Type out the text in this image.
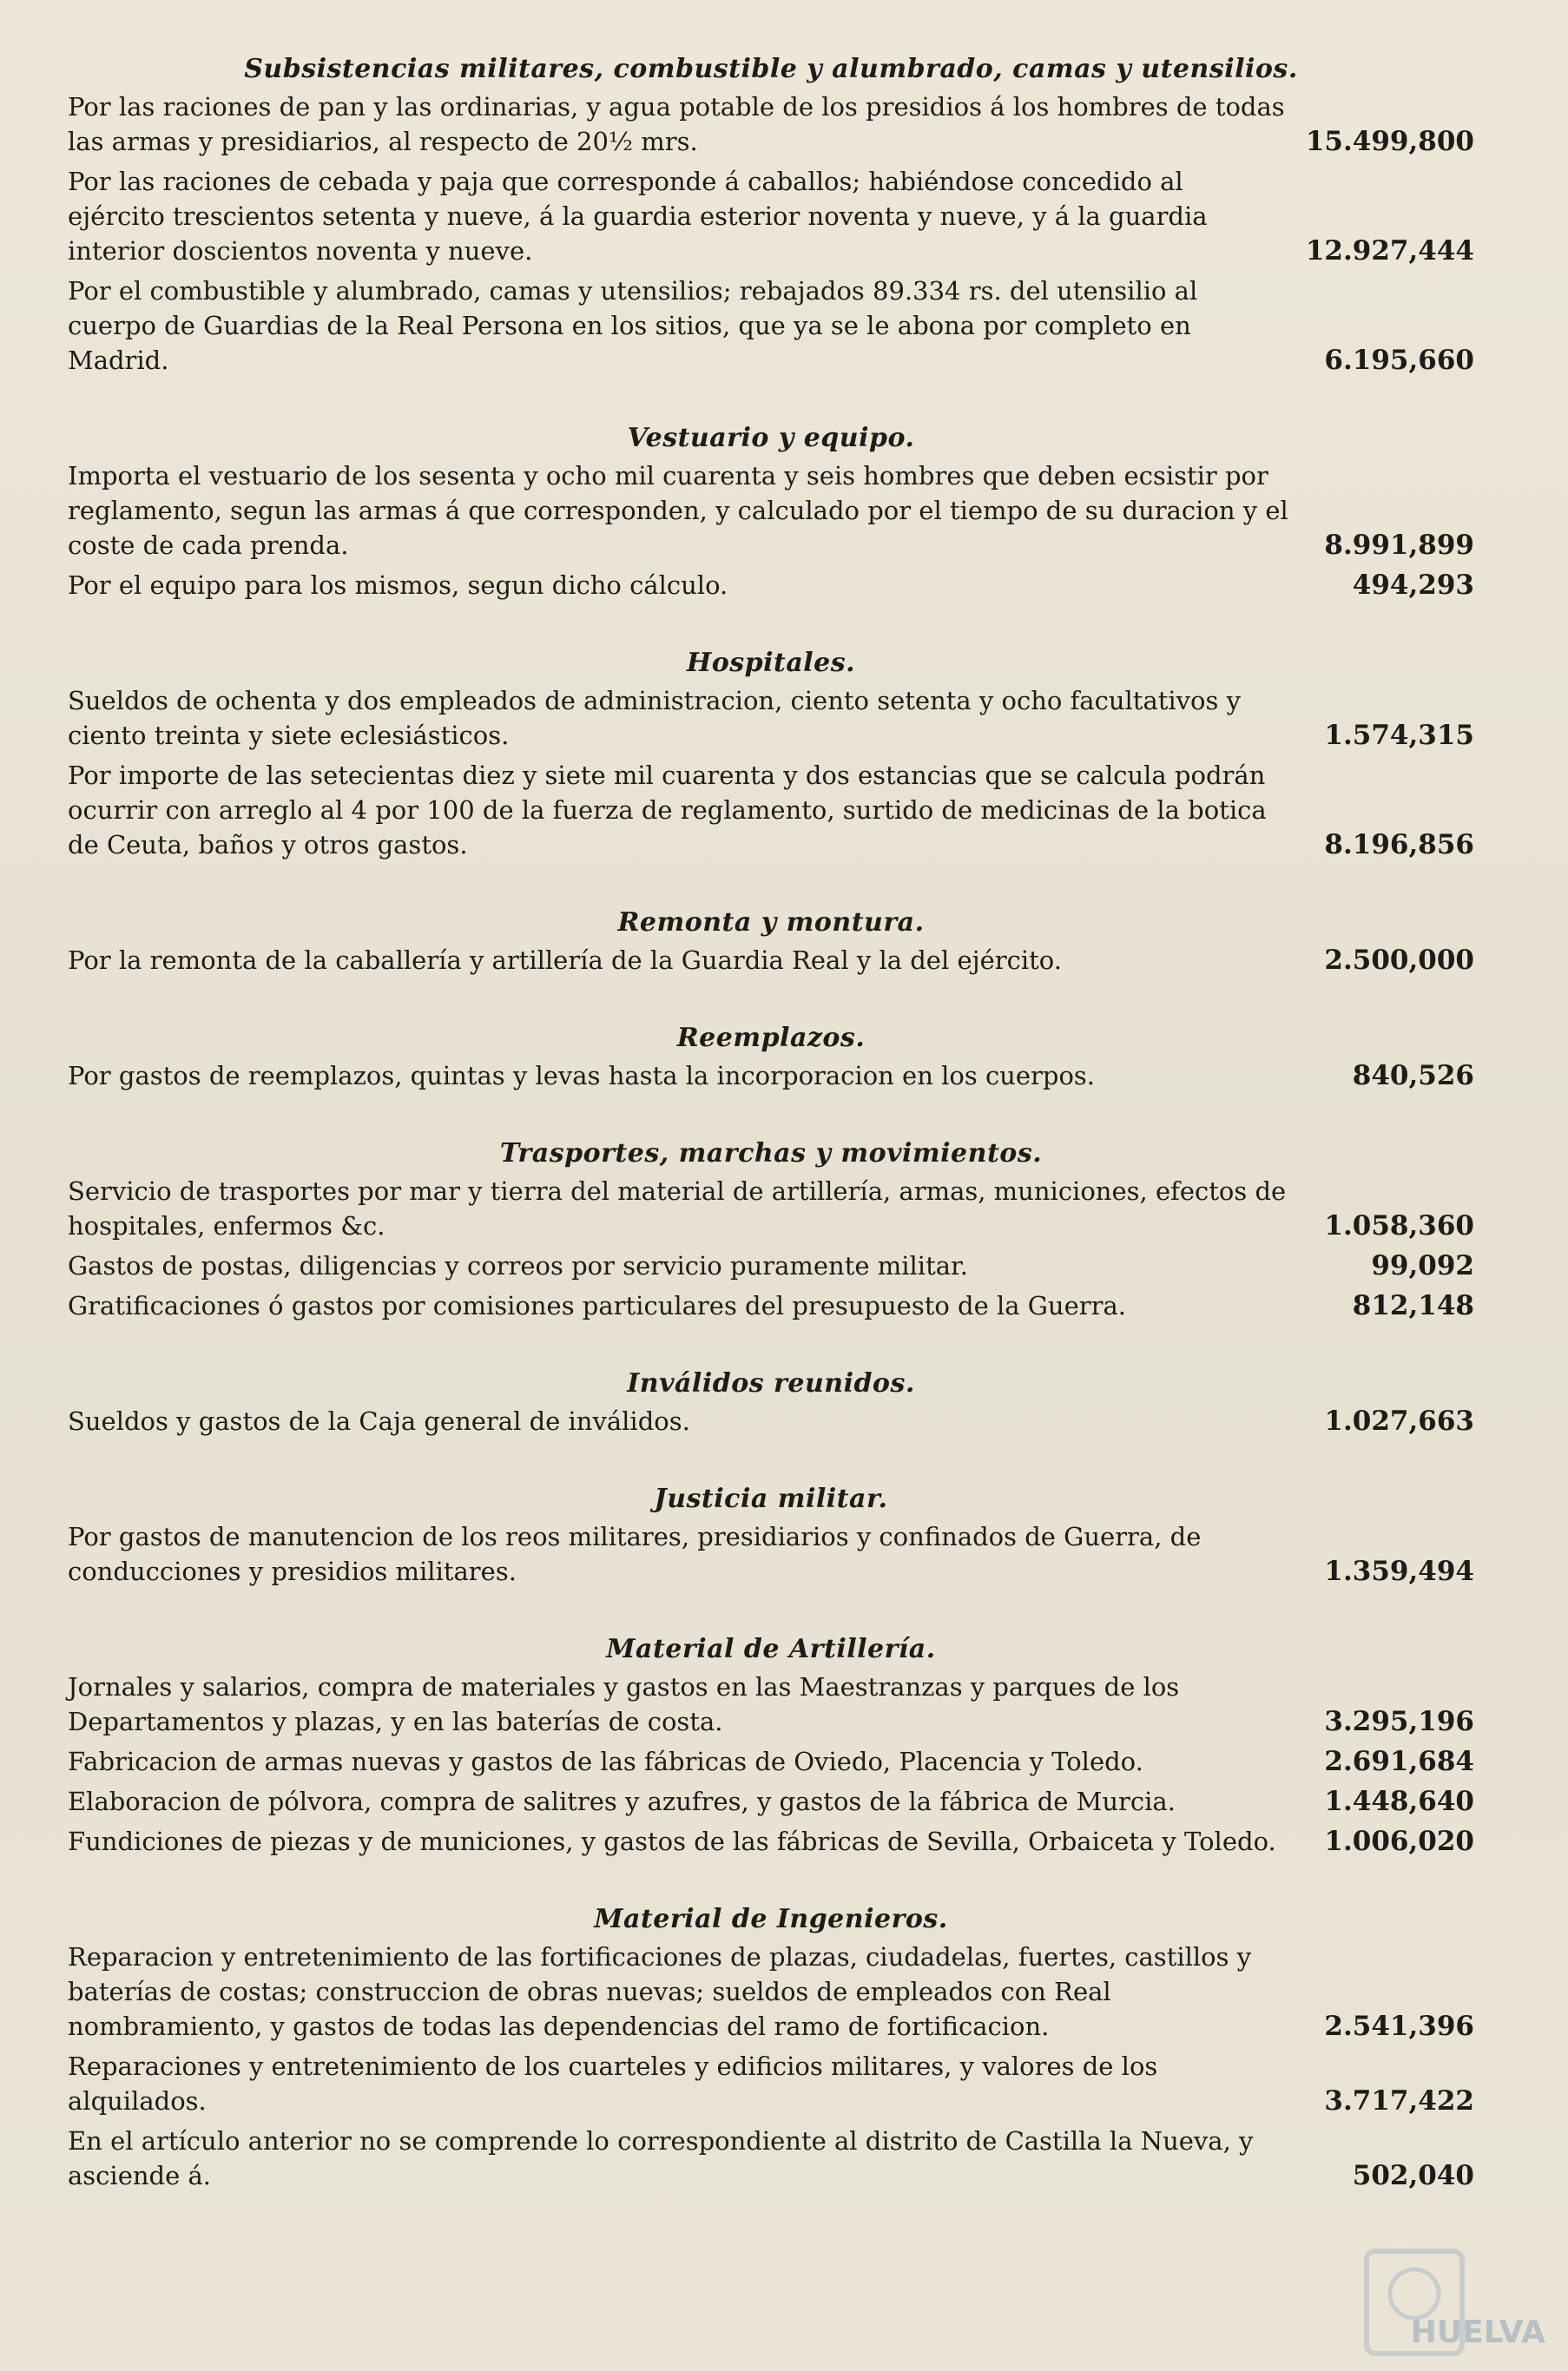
Subsistencias militares, combustible y alumbrado, camas y utensilios.
Por las raciones de pan y las ordinarias, y agua potable de los presidios á los hombres de todas las armas y presidiarios, al respecto de 20½ mrs.	15.499,800
Por las raciones de cebada y paja que corresponde á caballos; habiéndose concedido al ejército trescientos setenta y nueve, á la guardia esterior noventa y nueve, y á la guardia interior doscientos noventa y nueve.	12.927,444
Por el combustible y alumbrado, camas y utensilios; rebajados 89.334 rs. del utensilio al cuerpo de Guardias de la Real Persona en los sitios, que ya se le abona por completo en Madrid.	6.195,660
Vestuario y equipo.
Importa el vestuario de los sesenta y ocho mil cuarenta y seis hombres que deben ecsistir por reglamento, segun las armas á que corresponden, y calculado por el tiempo de su duracion y el coste de cada prenda.	8.991,899
Por el equipo para los mismos, segun dicho cálculo.	494,293
Hospitales.
Sueldos de ochenta y dos empleados de administracion, ciento setenta y ocho facultativos y ciento treinta y siete eclesiásticos.	1.574,315
Por importe de las setecientas diez y siete mil cuarenta y dos estancias que se calcula podrán ocurrir con arreglo al 4 por 100 de la fuerza de reglamento, surtido de medicinas de la botica de Ceuta, baños y otros gastos.	8.196,856
Remonta y montura.
Por la remonta de la caballería y artillería de la Guardia Real y la del ejército.	2.500,000
Reemplazos.
Por gastos de reemplazos, quintas y levas hasta la incorporacion en los cuerpos.	840,526
Trasportes, marchas y movimientos.
Servicio de trasportes por mar y tierra del material de artillería, armas, municiones, efectos de hospitales, enfermos &c.	1.058,360
Gastos de postas, diligencias y correos por servicio puramente militar.	99,092
Gratificaciones ó gastos por comisiones particulares del presupuesto de la Guerra.	812,148
Inválidos reunidos.
Sueldos y gastos de la Caja general de inválidos.	1.027,663
Justicia militar.
Por gastos de manutencion de los reos militares, presidiarios y confinados de Guerra, de conducciones y presidios militares.	1.359,494
Material de Artillería.
Jornales y salarios, compra de materiales y gastos en las Maestranzas y parques de los Departamentos y plazas, y en las baterías de costa.	3.295,196
Fabricacion de armas nuevas y gastos de las fábricas de Oviedo, Placencia y Toledo.	2.691,684
Elaboracion de pólvora, compra de salitres y azufres, y gastos de la fábrica de Murcia.	1.448,640
Fundiciones de piezas y de municiones, y gastos de las fábricas de Sevilla, Orbaiceta y Toledo.	1.006,020
Material de Ingenieros.
Reparacion y entretenimiento de las fortificaciones de plazas, ciudadelas, fuertes, castillos y baterías de costas; construccion de obras nuevas; sueldos de empleados con Real nombramiento, y gastos de todas las dependencias del ramo de fortificacion.	2.541,396
Reparaciones y entretenimiento de los cuarteles y edificios militares, y valores de los alquilados.	3.717,422
En el artículo anterior no se comprende lo correspondiente al distrito de Castilla la Nueva, y asciende á.	502,040
HUELVA
